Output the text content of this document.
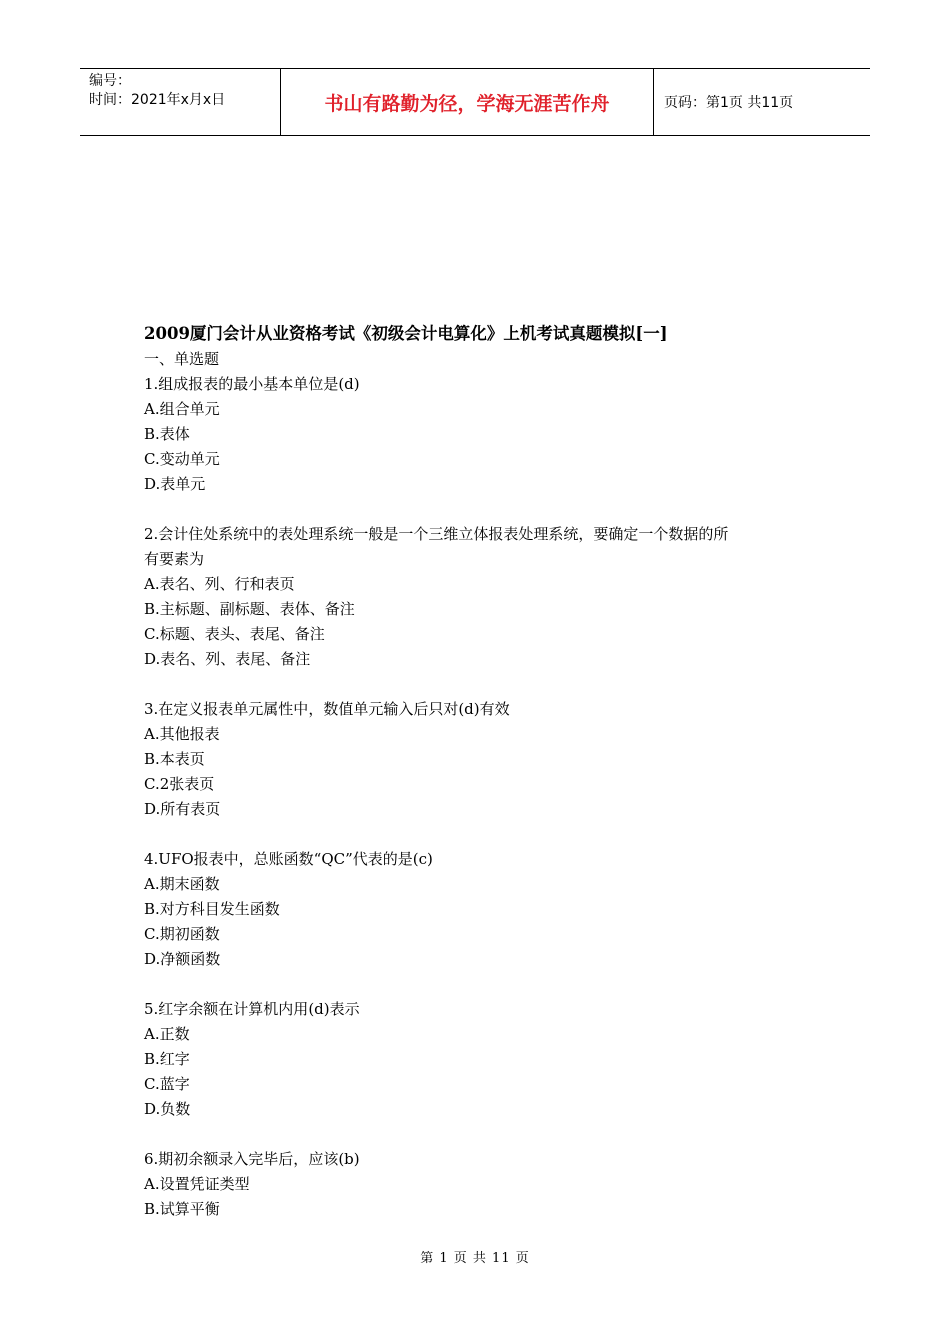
编号：
时间：2021年x月x日	书山有路勤为径，学海无涯苦作舟	页码：第1页 共11页
2009厦门会计从业资格考试《初级会计电算化》上机考试真题模拟[一]
一、单选题
1.组成报表的最小基本单位是(d)
A.组合单元
B.表体
C.变动单元
D.表单元
2.会计住处系统中的表处理系统一般是一个三维立体报表处理系统，要确定一个数据的所
有要素为
A.表名、列、行和表页
B.主标题、副标题、表体、备注
C.标题、表头、表尾、备注
D.表名、列、表尾、备注
3.在定义报表单元属性中，数值单元输入后只对(d)有效
A.其他报表
B.本表页
C.2张表页
D.所有表页
4.UFO报表中，总账函数“QC”代表的是(c)
A.期末函数
B.对方科目发生函数
C.期初函数
D.净额函数
5.红字余额在计算机内用(d)表示
A.正数
B.红字
C.蓝字
D.负数
6.期初余额录入完毕后，应该(b)
A.设置凭证类型
B.试算平衡
第 1 页 共 11 页
